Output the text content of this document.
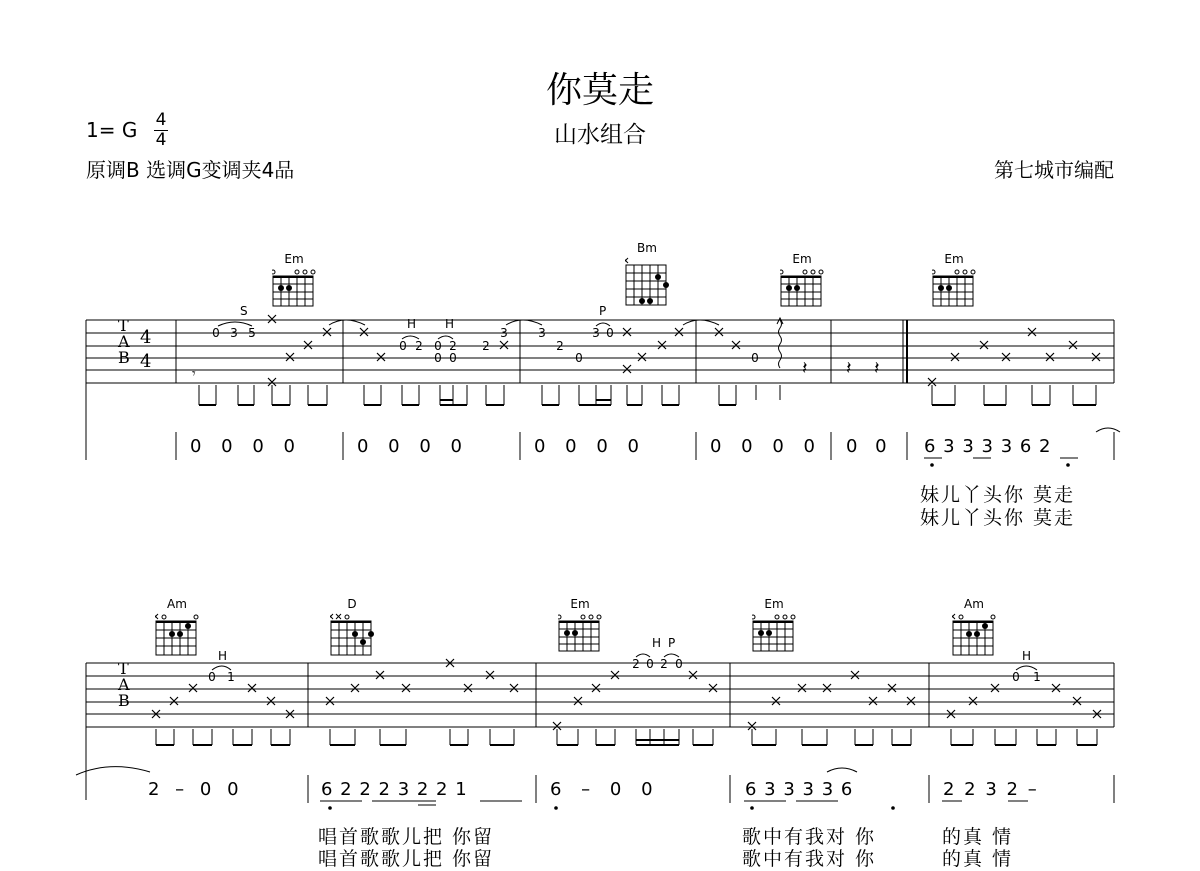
你莫走
山水组合
1= G 4
4
原调B 选调G变调夹4品	第七城市编配
0 3 5
0 2 0 2
0 0
2
3	3
2
0
3 0
0 𝄽 𝄽 𝄽
𝄾
0 1
2 0 2 0
0 1
T
A
B
4
4
T
A
B
Em
Bm
Em	Em
S
H H
P
0 0 0 0	0 0 0 0	0 0 0 0	0 0 0 0 0 0 6 3 3 3 3 6 2
妹儿丫头你 莫走
妹儿丫头你 莫走
Am	D	Em	Em	Am
H
H P
H
2 – 0 0	6 2 2 2 3 2 2 1	6 – 0 0	6 3 3 3 3 6	2 2 3 2 –
唱首歌歌儿把 你留	歌中有我对 你	的真 情
唱首歌歌儿把 你留	歌中有我对 你	的真 情
